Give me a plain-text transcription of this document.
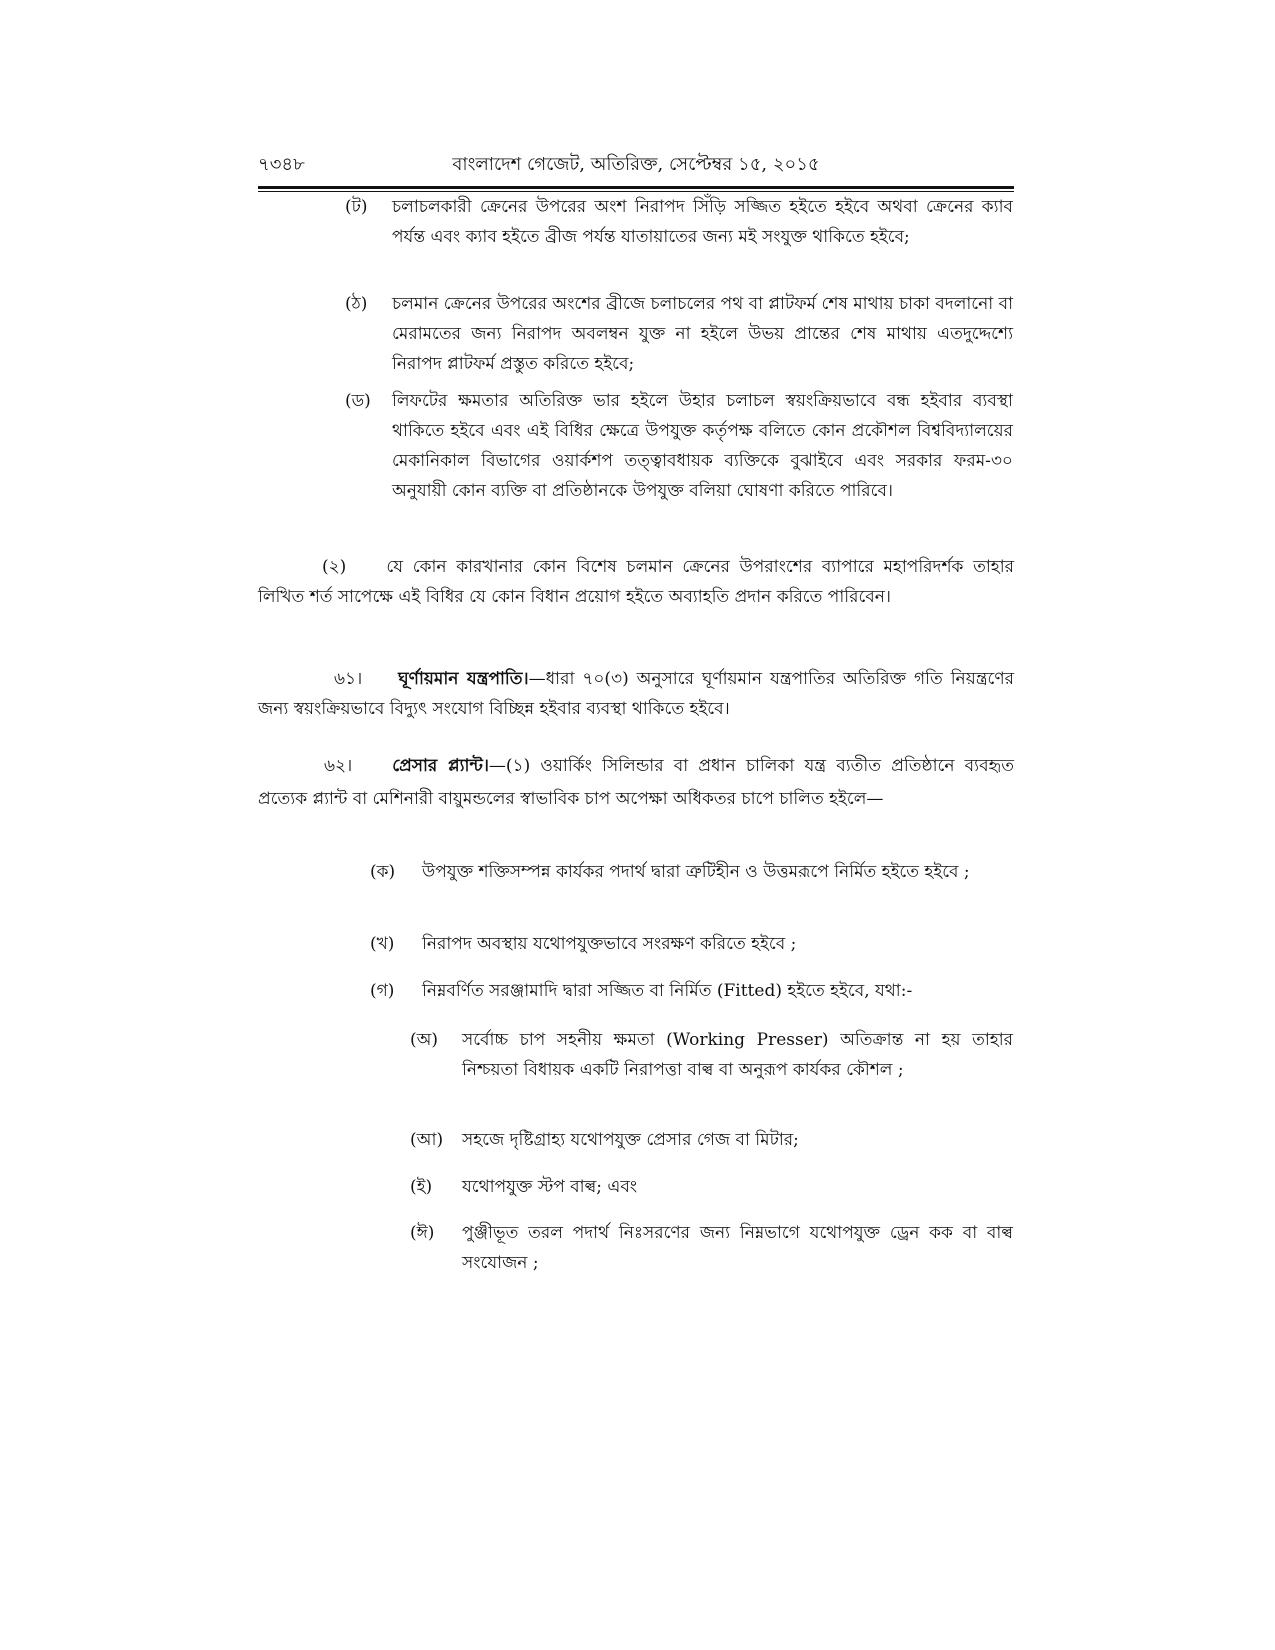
৭৩৪৮	বাংলাদেশ গেজেট, অতিরিক্ত, সেপ্টেম্বর ১৫, ২০১৫
(ট) চলাচলকারী ক্রেনের উপরের অংশ নিরাপদ সিঁড়ি সজ্জিত হইতে হইবে অথবা ক্রেনের ক্যাব পর্যন্ত এবং ক্যাব হইতে ব্রীজ পর্যন্ত যাতায়াতের জন্য মই সংযুক্ত থাকিতে হইবে;
(ঠ) চলমান ক্রেনের উপরের অংশের ব্রীজে চলাচলের পথ বা প্লাটফর্ম শেষ মাথায় চাকা বদলানো বা মেরামতের জন্য নিরাপদ অবলম্বন যুক্ত না হইলে উভয় প্রান্তের শেষ মাথায় এতদুদ্দেশ্যে নিরাপদ প্লাটফর্ম প্রস্তুত করিতে হইবে;
(ড) লিফটের ক্ষমতার অতিরিক্ত ভার হইলে উহার চলাচল স্বয়ংক্রিয়ভাবে বন্ধ হইবার ব্যবস্থা থাকিতে হইবে এবং এই বিধির ক্ষেত্রে উপযুক্ত কর্তৃপক্ষ বলিতে কোন প্রকৌশল বিশ্ববিদ্যালয়ের মেকানিকাল বিভাগের ওয়ার্কশপ তত্ত্বাবধায়ক ব্যক্তিকে বুঝাইবে এবং সরকার ফরম-৩০ অনুযায়ী কোন ব্যক্তি বা প্রতিষ্ঠানকে উপযুক্ত বলিয়া ঘোষণা করিতে পারিবে।
(২) যে কোন কারখানার কোন বিশেষ চলমান ক্রেনের উপরাংশের ব্যাপারে মহাপরিদর্শক তাহার লিখিত শর্ত সাপেক্ষে এই বিধির যে কোন বিধান প্রয়োগ হইতে অব্যাহতি প্রদান করিতে পারিবেন।
৬১। ঘূর্ণায়মান যন্ত্রপাতি।—ধারা ৭০(৩) অনুসারে ঘূর্ণায়মান যন্ত্রপাতির অতিরিক্ত গতি নিয়ন্ত্রণের জন্য স্বয়ংক্রিয়ভাবে বিদ্যুৎ সংযোগ বিচ্ছিন্ন হইবার ব্যবস্থা থাকিতে হইবে।
৬২। প্রেসার প্ল্যান্ট।—(১) ওয়ার্কিং সিলিন্ডার বা প্রধান চালিকা যন্ত্র ব্যতীত প্রতিষ্ঠানে ব্যবহৃত প্রত্যেক প্ল্যান্ট বা মেশিনারী বায়ুমন্ডলের স্বাভাবিক চাপ অপেক্ষা অধিকতর চাপে চালিত হইলে—
(ক) উপযুক্ত শক্তিসম্পন্ন কার্যকর পদার্থ দ্বারা ত্রুটিহীন ও উত্তমরূপে নির্মিত হইতে হইবে ;
(খ) নিরাপদ অবস্থায় যথোপযুক্তভাবে সংরক্ষণ করিতে হইবে ;
(গ) নিম্নবর্ণিত সরঞ্জামাদি দ্বারা সজ্জিত বা নির্মিত (Fitted) হইতে হইবে, যথা:-
(অ) সর্বোচ্চ চাপ সহনীয় ক্ষমতা (Working Presser) অতিক্রান্ত না হয় তাহার নিশ্চয়তা বিধায়ক একটি নিরাপত্তা বাল্ব বা অনুরূপ কার্যকর কৌশল ;
(আ) সহজে দৃষ্টিগ্রাহ্য যথোপযুক্ত প্রেসার গেজ বা মিটার;
(ই) যথোপযুক্ত স্টপ বাল্ব; এবং
(ঈ) পুঞ্জীভূত তরল পদার্থ নিঃসরণের জন্য নিম্নভাগে যথোপযুক্ত ড্রেন কক বা বাল্ব সংযোজন ;
